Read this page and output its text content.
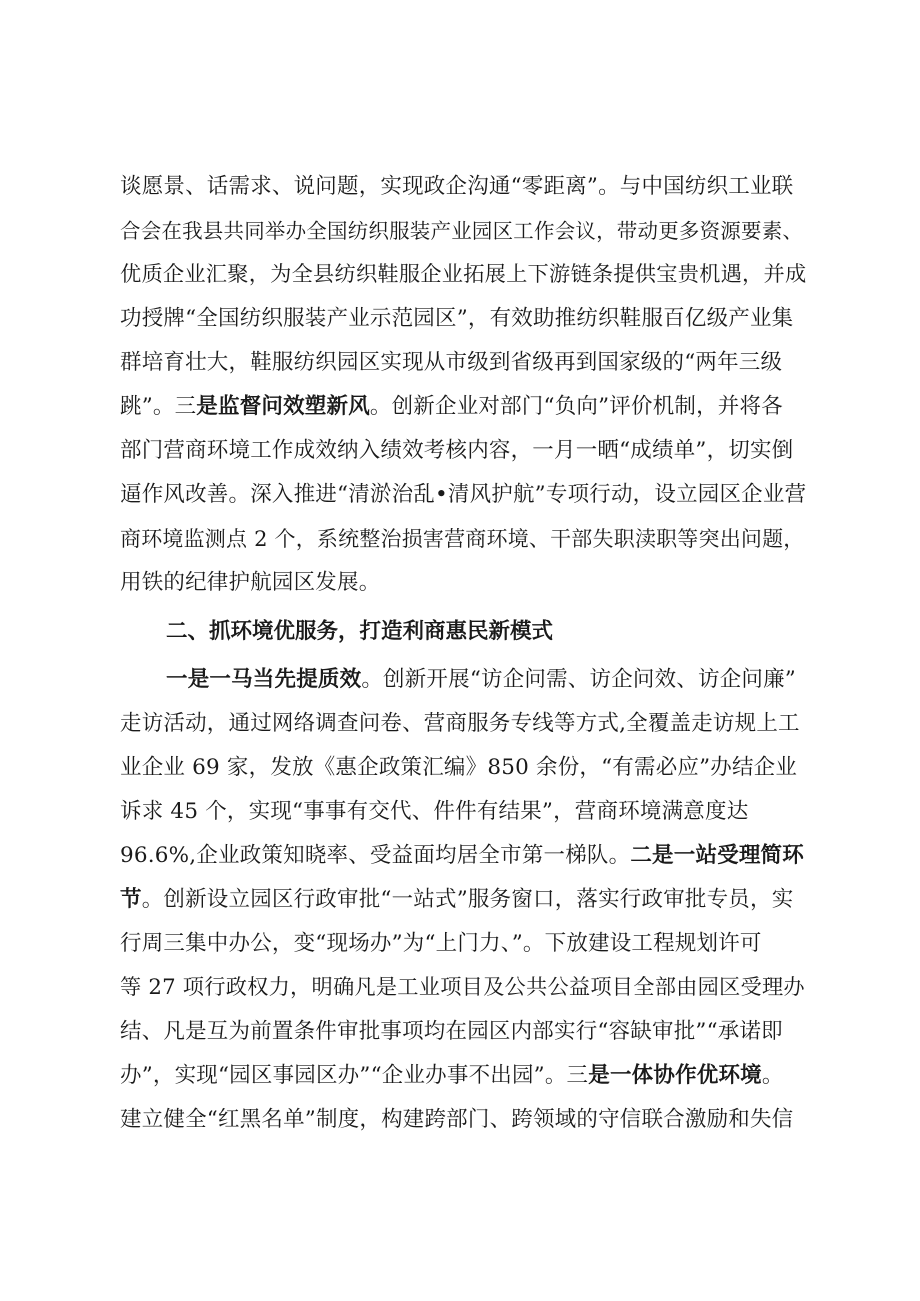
谈愿景、话需求、说问题，实现政企沟通“零距离”。与中国纺织工业联
合会在我县共同举办全国纺织服装产业园区工作会议，带动更多资源要素、
优质企业汇聚，为全县纺织鞋服企业拓展上下游链条提供宝贵机遇，并成
功授牌“全国纺织服装产业示范园区”，有效助推纺织鞋服百亿级产业集
群培育壮大，鞋服纺织园区实现从市级到省级再到国家级的“两年三级
跳”。三是监督问效塑新风。创新企业对部门“负向”评价机制，并将各
部门营商环境工作成效纳入绩效考核内容，一月一晒“成绩单”，切实倒
逼作风改善。深入推进“清淤治乱•清风护航”专项行动，设立园区企业营
商环境监测点 2 个，系统整治损害营商环境、干部失职渎职等突出问题，
用铁的纪律护航园区发展。
二、抓环境优服务，打造利商惠民新模式
一是一马当先提质效。创新开展“访企问需、访企问效、访企问廉”
走访活动，通过网络调查问卷、营商服务专线等方式,全覆盖走访规上工
业企业 69 家，发放《惠企政策汇编》850 余份，“有需必应”办结企业
诉求 45 个，实现“事事有交代、件件有结果”，营商环境满意度达
96.6%,企业政策知晓率、受益面均居全市第一梯队。二是一站受理简环
节。创新设立园区行政审批“一站式”服务窗口，落实行政审批专员，实
行周三集中办公，变“现场办”为“上门力、”。下放建设工程规划许可
等 27 项行政权力，明确凡是工业项目及公共公益项目全部由园区受理办
结、凡是互为前置条件审批事项均在园区内部实行“容缺审批”“承诺即
办”，实现“园区事园区办”“企业办事不出园”。三是一体协作优环境。
建立健全“红黑名单”制度，构建跨部门、跨领域的守信联合激励和失信
